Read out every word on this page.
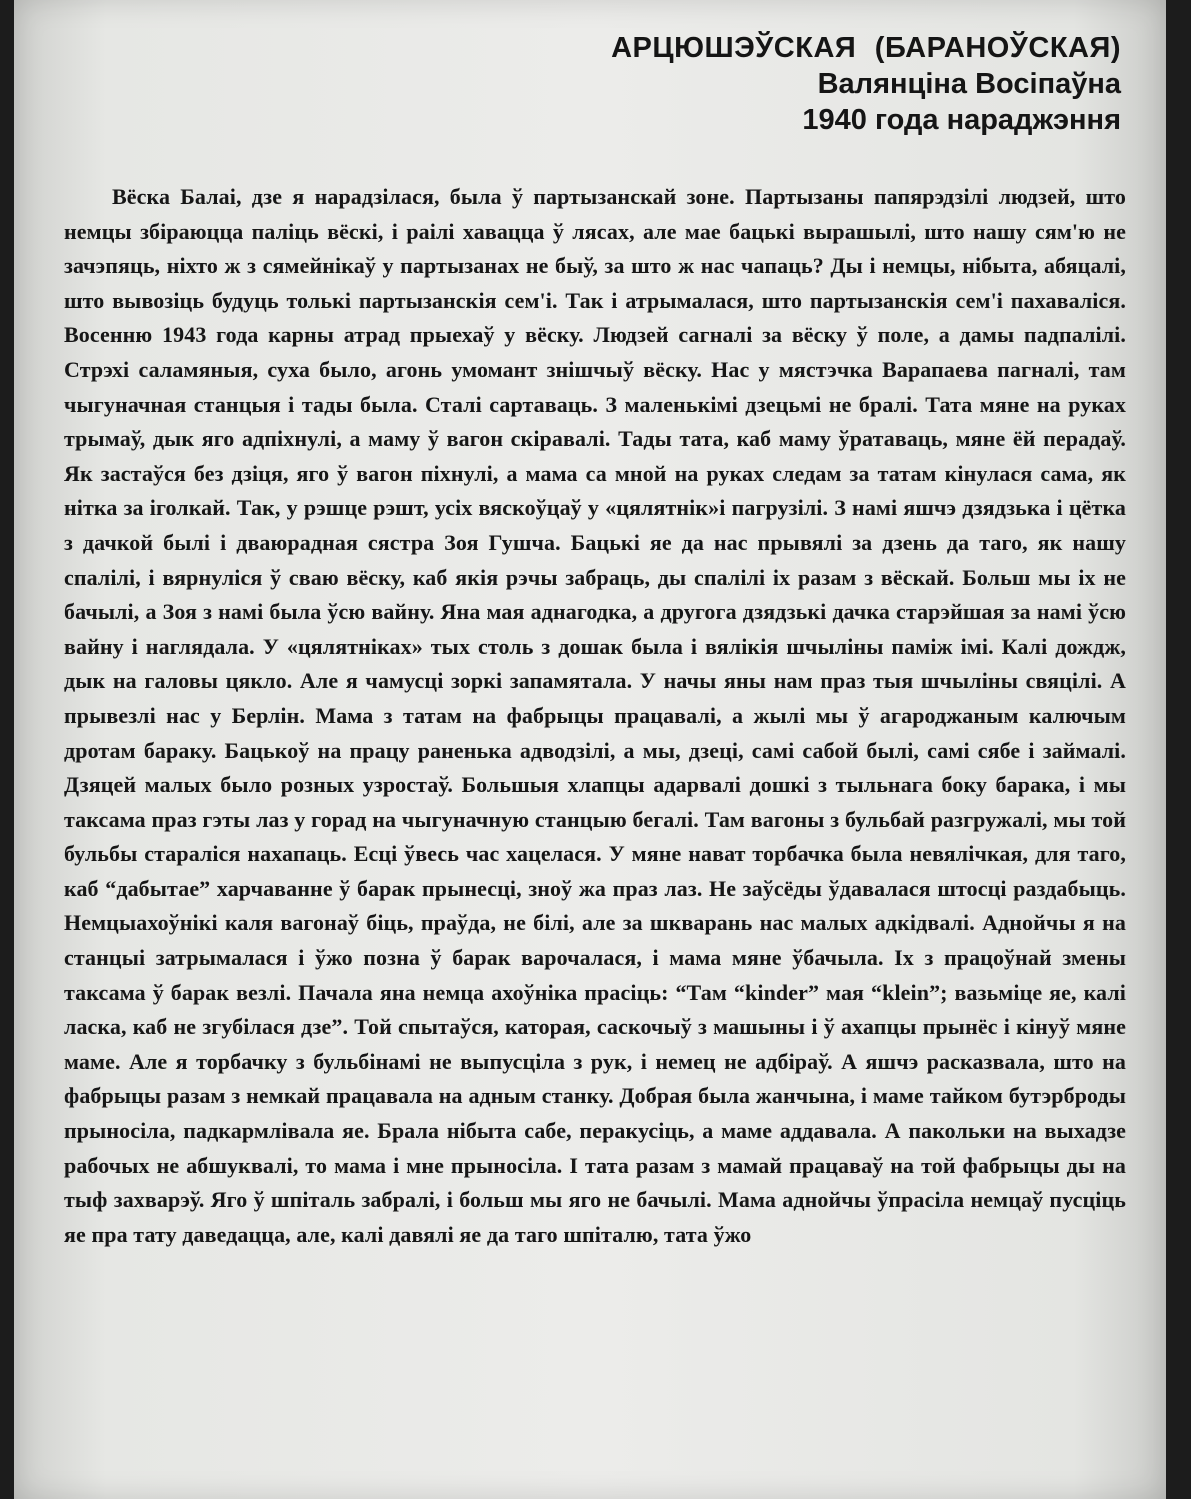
АРЦЮШЭЎСКАЯ (БАРАНОЎСКАЯ)
Валянціна Восіпаўна
1940 года нараджэння

Вёска Балаі, дзе я нарадзілася, была ў партызанскай зоне. Партызаны папярэдзілі людзей, што немцы збіраюцца паліць вёскі, і раілі хавацца ў лясах, але мае бацькі вырашылі, што нашу сям'ю не зачэпяць, ніхто ж з сямейнікаў у партызанах не быў, за што ж нас чапаць? Ды і немцы, нібыта, абяцалі, што вывозіць будуць толькі партызанскія сем'і. Так і атрымалася, што партызанскія сем'і пахаваліся. Восенню 1943 года карны атрад прыехаў у вёску. Людзей сагналі за вёску ў поле, а дамы падпалілі. Стрэхі саламяныя, суха было, агонь умомант знішчыў вёску. Нас у мястэчка Варапаева пагналі, там чыгуначная станцыя і тады была. Сталі сартаваць. З маленькімі дзецьмі не бралі. Тата мяне на руках трымаў, дык яго адпіхнулі, а маму ў вагон скіравалі. Тады тата, каб маму ўратаваць, мяне ёй перадаў. Як застаўся без дзіця, яго ў вагон піхнулі, а мама са мной на руках следам за татам кінулася сама, як нітка за іголкай. Так, у рэшце рэшт, усіх вяскоўцаў у «цялятнік»і пагрузілі. З намі яшчэ дзядзька і цётка з дачкой былі і дваюрадная сястра Зоя Гушча. Бацькі яе да нас прывялі за дзень да таго, як нашу спалілі, і вярнуліся ў сваю вёску, каб якія рэчы забраць, ды спалілі іх разам з вёскай. Больш мы іх не бачылі, а Зоя з намі была ўсю вайну. Яна мая аднагодка, а другога дзядзькі дачка старэйшая за намі ўсю вайну і наглядала. У «цялятніках» тых столь з дошак была і вялікія шчыліны паміж імі. Калі дождж, дык на галовы цякло. Але я чамусці зоркі запамятала. У начы яны нам праз тыя шчыліны свяцілі. А прывезлі нас у Берлін. Мама з татам на фабрыцы працавалі, а жылі мы ў агароджаным калючым дротам бараку. Бацькоў на працу раненька адводзілі, а мы, дзеці, самі сабой былі, самі сябе і займалі. Дзяцей малых было розных узростаў. Большыя хлапцы адарвалі дошкі з тыльнага боку барака, і мы таксама праз гэты лаз у горад на чыгуначную станцыю бегалі. Там вагоны з бульбай разгружалі, мы той бульбы стараліся нахапаць. Есці ўвесь час хацелася. У мяне нават торбачка была невялічкая, для таго, каб “дабытае” харчаванне ў барак прынесці, зноў жа праз лаз. Не заўсёды ўдавалася штосці раздабыць. Немцыахоўнікі каля вагонаў біць, праўда, не білі, але за шкварань нас малых адкідвалі. Аднойчы я на станцыі затрымалася і ўжо позна ў барак варочалася, і мама мяне ўбачыла. Іх з працоўнай змены таксама ў барак везлі. Пачала яна немца ахоўніка прасіць: “Там “kinder” мая “klein”; вазьміце яе, калі ласка, каб не згубілася дзе”. Той спытаўся, каторая, саскочыў з машыны і ў ахапцы прынёс і кінуў мяне маме. Але я торбачку з бульбінамі не выпусціла з рук, і немец не адбіраў. А яшчэ расказвала, што на фабрыцы разам з немкай працавала на адным станку. Добрая была жанчына, і маме тайком бутэрброды прыносіла, падкармлівала яе. Брала нібыта сабе, перакусіць, а маме аддавала. А пакольки на выхадзе рабочых не абшуквалі, то мама і мне прыносіла. І тата разам з мамай працаваў на той фабрыцы ды на тыф захварэў. Яго ў шпіталь забралі, і больш мы яго не бачылі. Мама аднойчы ўпрасіла немцаў пусціць яе пра тату даведацца, але, калі давялі яе да таго шпіталю, тата ўжо
